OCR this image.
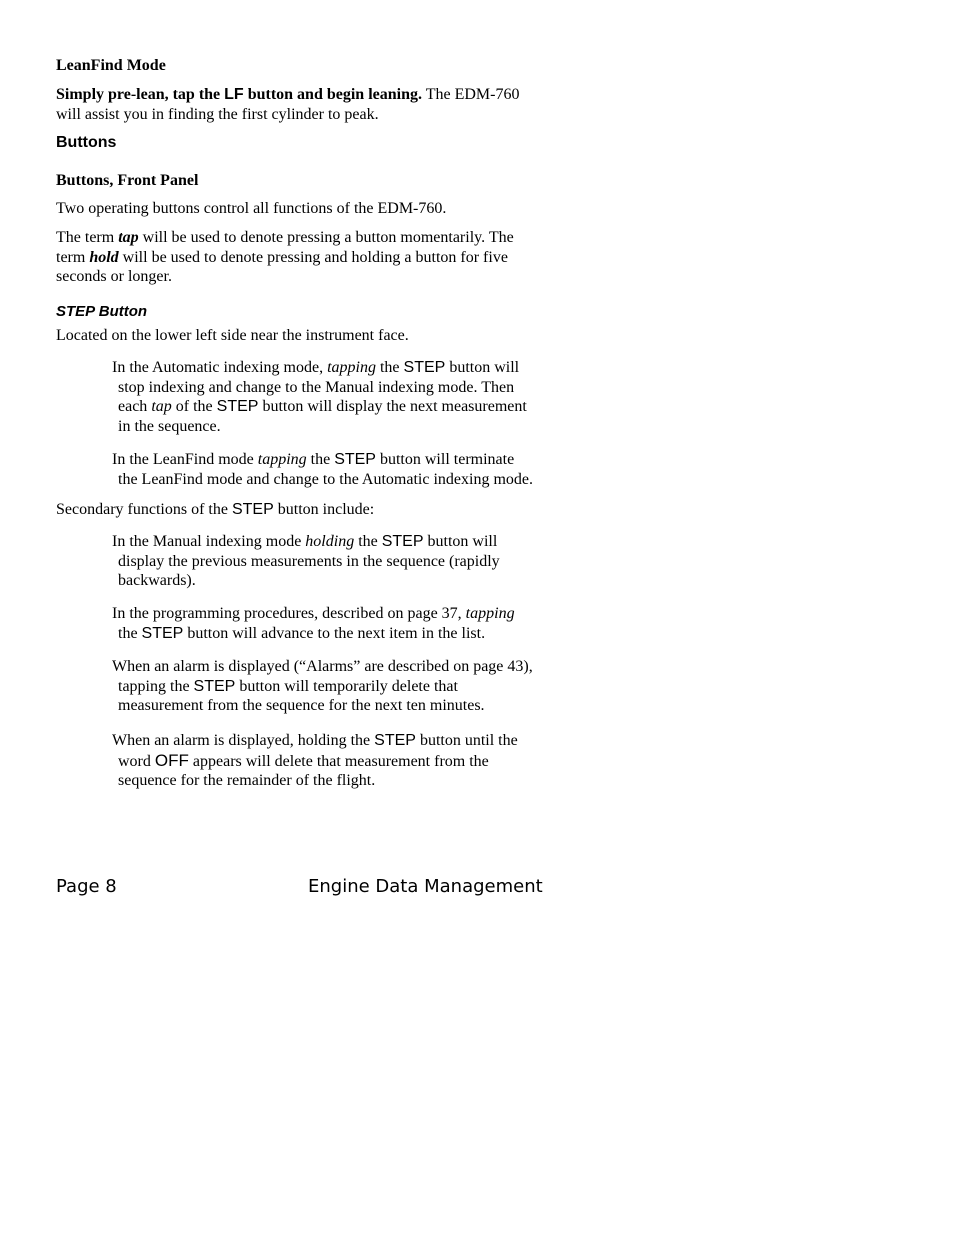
LeanFind Mode

Simply pre-lean, tap the LF button and begin leaning. The EDM-760
will assist you in finding the first cylinder to peak.

Buttons

Buttons, Front Panel

Two operating buttons control all functions of the EDM-760.

The term tap will be used to denote pressing a button momentarily. The
term hold will be used to denote pressing and holding a button for five
seconds or longer.

STEP Button

Located on the lower left side near the instrument face.

In the Automatic indexing mode, tapping the STEP button will
stop indexing and change to the Manual indexing mode. Then
each tap of the STEP button will display the next measurement
in the sequence.

In the LeanFind mode tapping the STEP button will terminate
the LeanFind mode and change to the Automatic indexing mode.

Secondary functions of the STEP button include:

In the Manual indexing mode holding the STEP button will
display the previous measurements in the sequence (rapidly
backwards).

In the programming procedures, described on page 37, tapping
the STEP button will advance to the next item in the list.

When an alarm is displayed (“Alarms” are described on page 43),
tapping the STEP button will temporarily delete that
measurement from the sequence for the next ten minutes.

When an alarm is displayed, holding the STEP button until the
word OFF appears will delete that measurement from the
sequence for the remainder of the flight.

Page 8	Engine Data Management
